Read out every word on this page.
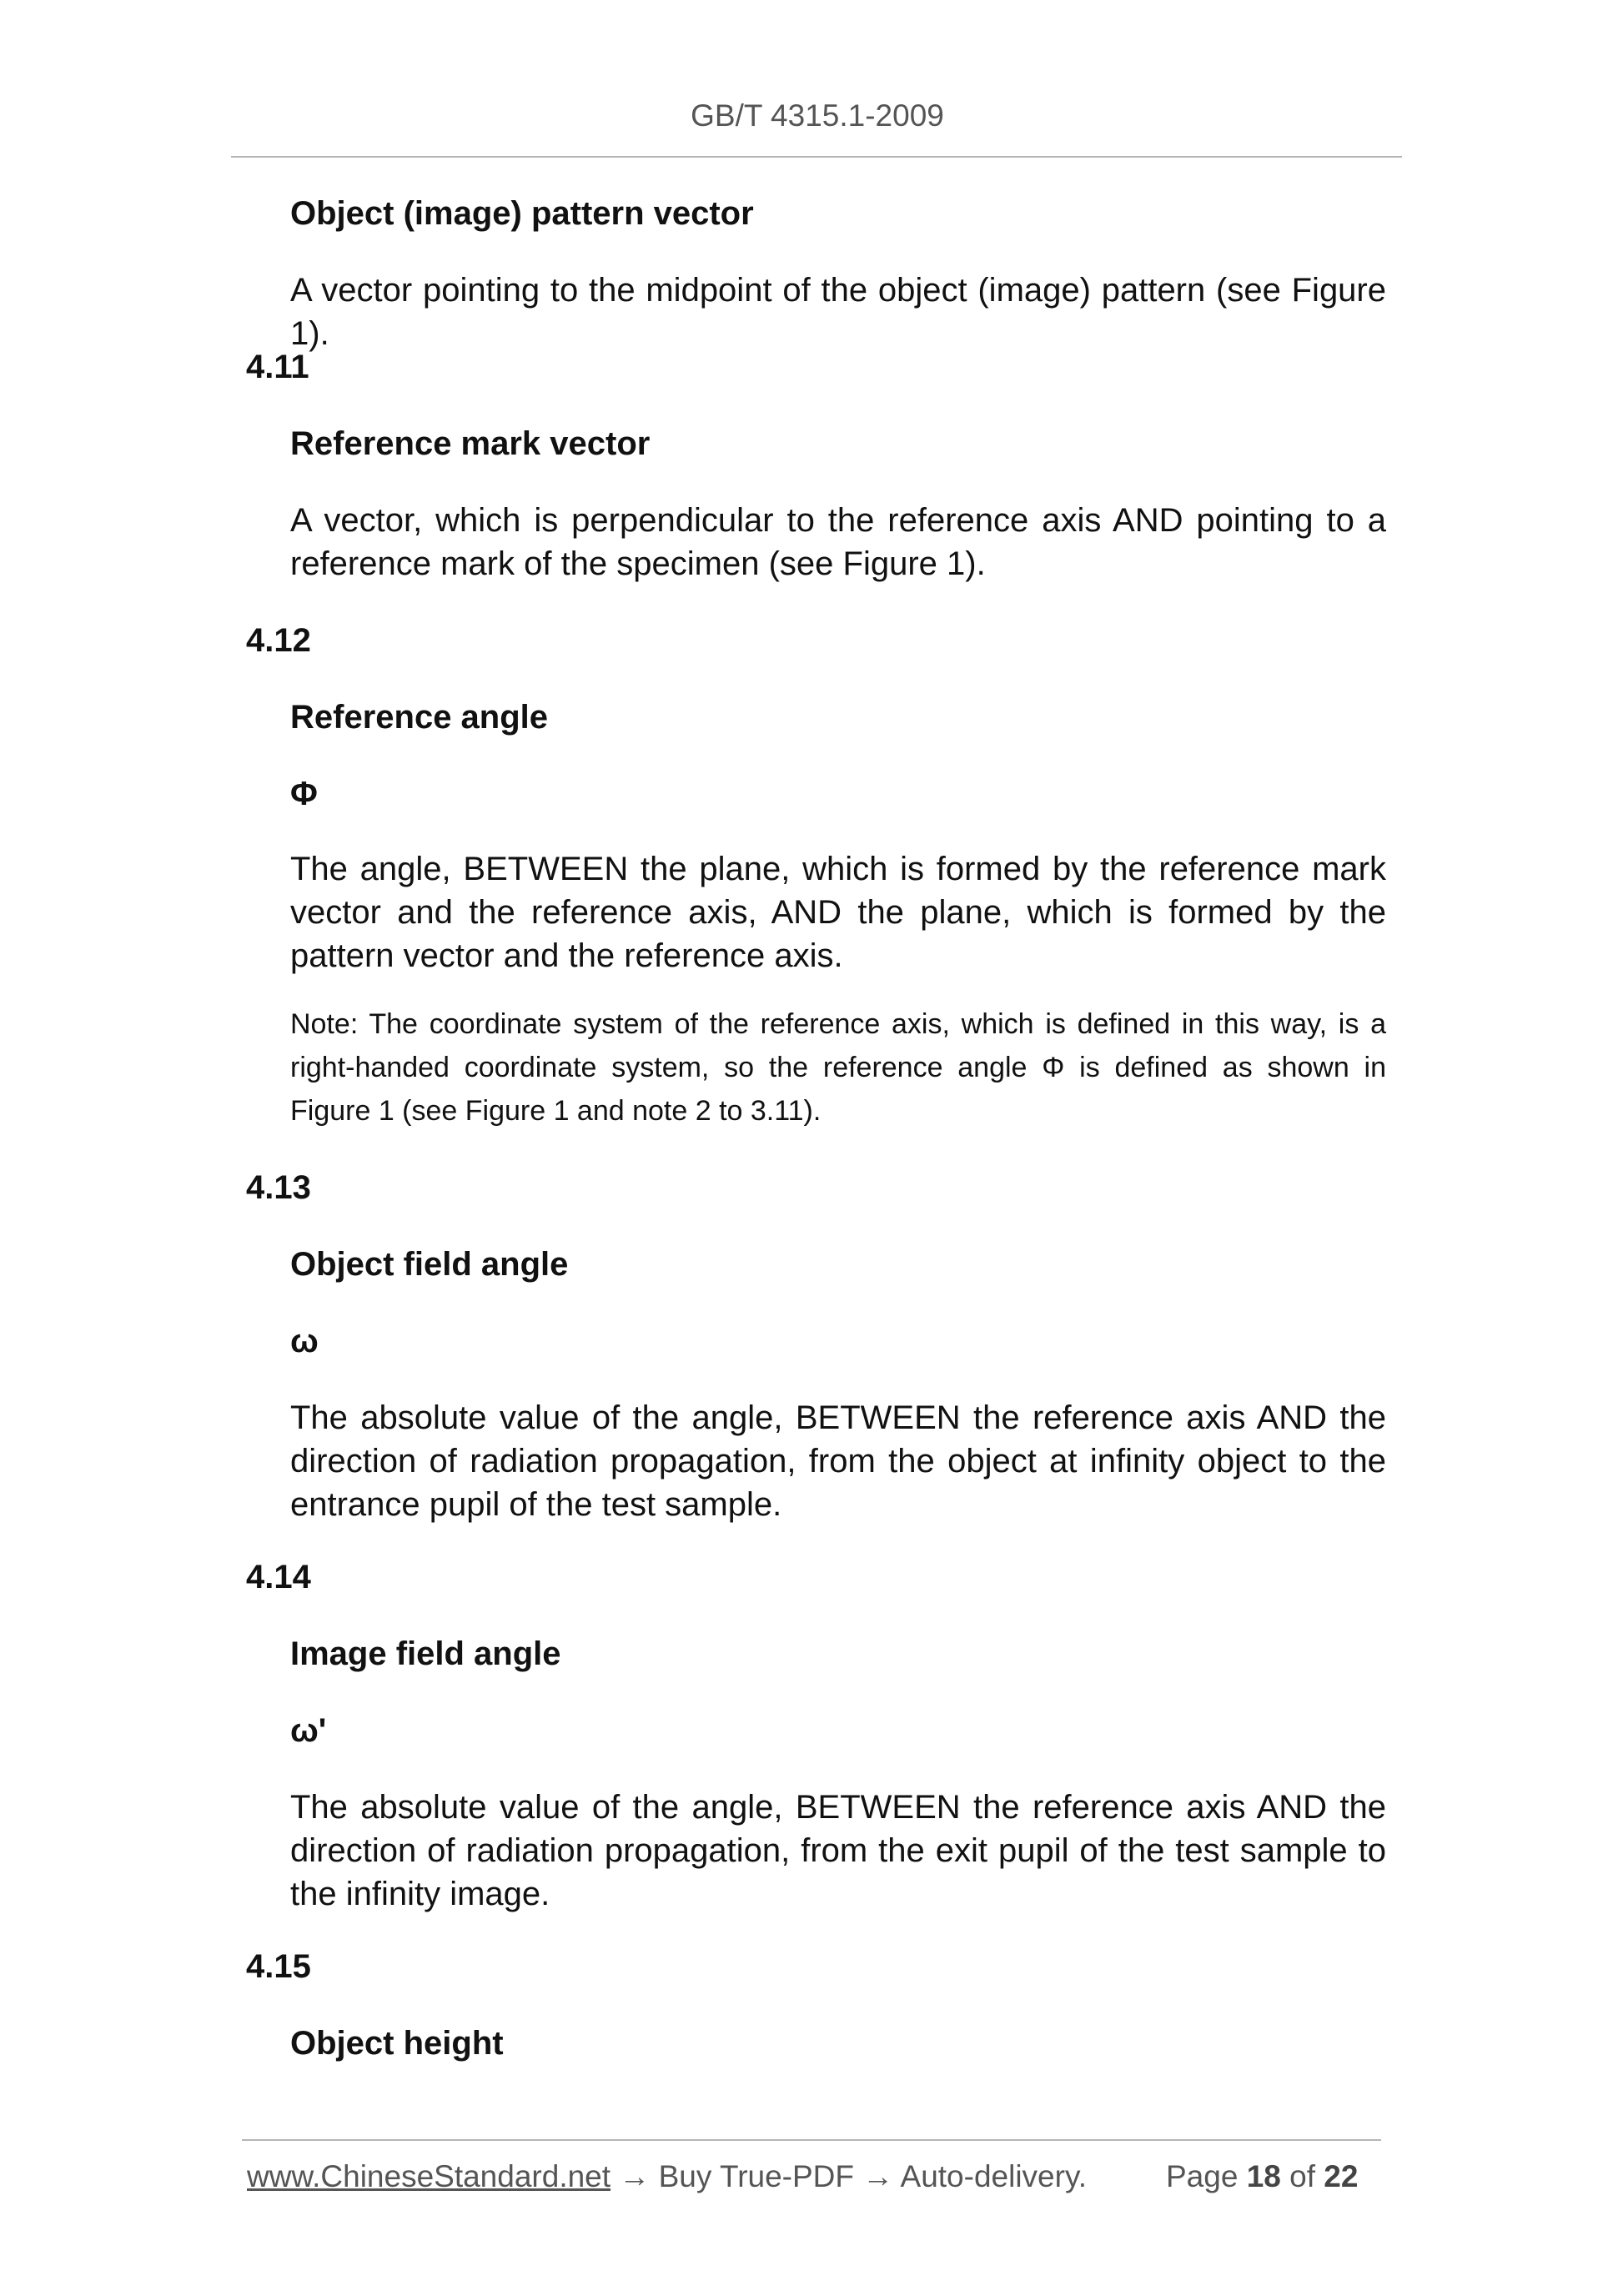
GB/T 4315.1-2009
Object (image) pattern vector
A vector pointing to the midpoint of the object (image) pattern (see Figure 1).
4.11
Reference mark vector
A vector, which is perpendicular to the reference axis AND pointing to a reference mark of the specimen (see Figure 1).
4.12
Reference angle
Φ
The angle, BETWEEN the plane, which is formed by the reference mark vector and the reference axis, AND the plane, which is formed by the pattern vector and the reference axis.
Note: The coordinate system of the reference axis, which is defined in this way, is a right-handed coordinate system, so the reference angle Φ is defined as shown in Figure 1 (see Figure 1 and note 2 to 3.11).
4.13
Object field angle
ω
The absolute value of the angle, BETWEEN the reference axis AND the direction of radiation propagation, from the object at infinity object to the entrance pupil of the test sample.
4.14
Image field angle
ω'
The absolute value of the angle, BETWEEN the reference axis AND the direction of radiation propagation, from the exit pupil of the test sample to the infinity image.
4.15
Object height
www.ChineseStandard.net → Buy True-PDF → Auto-delivery.	Page 18 of 22
